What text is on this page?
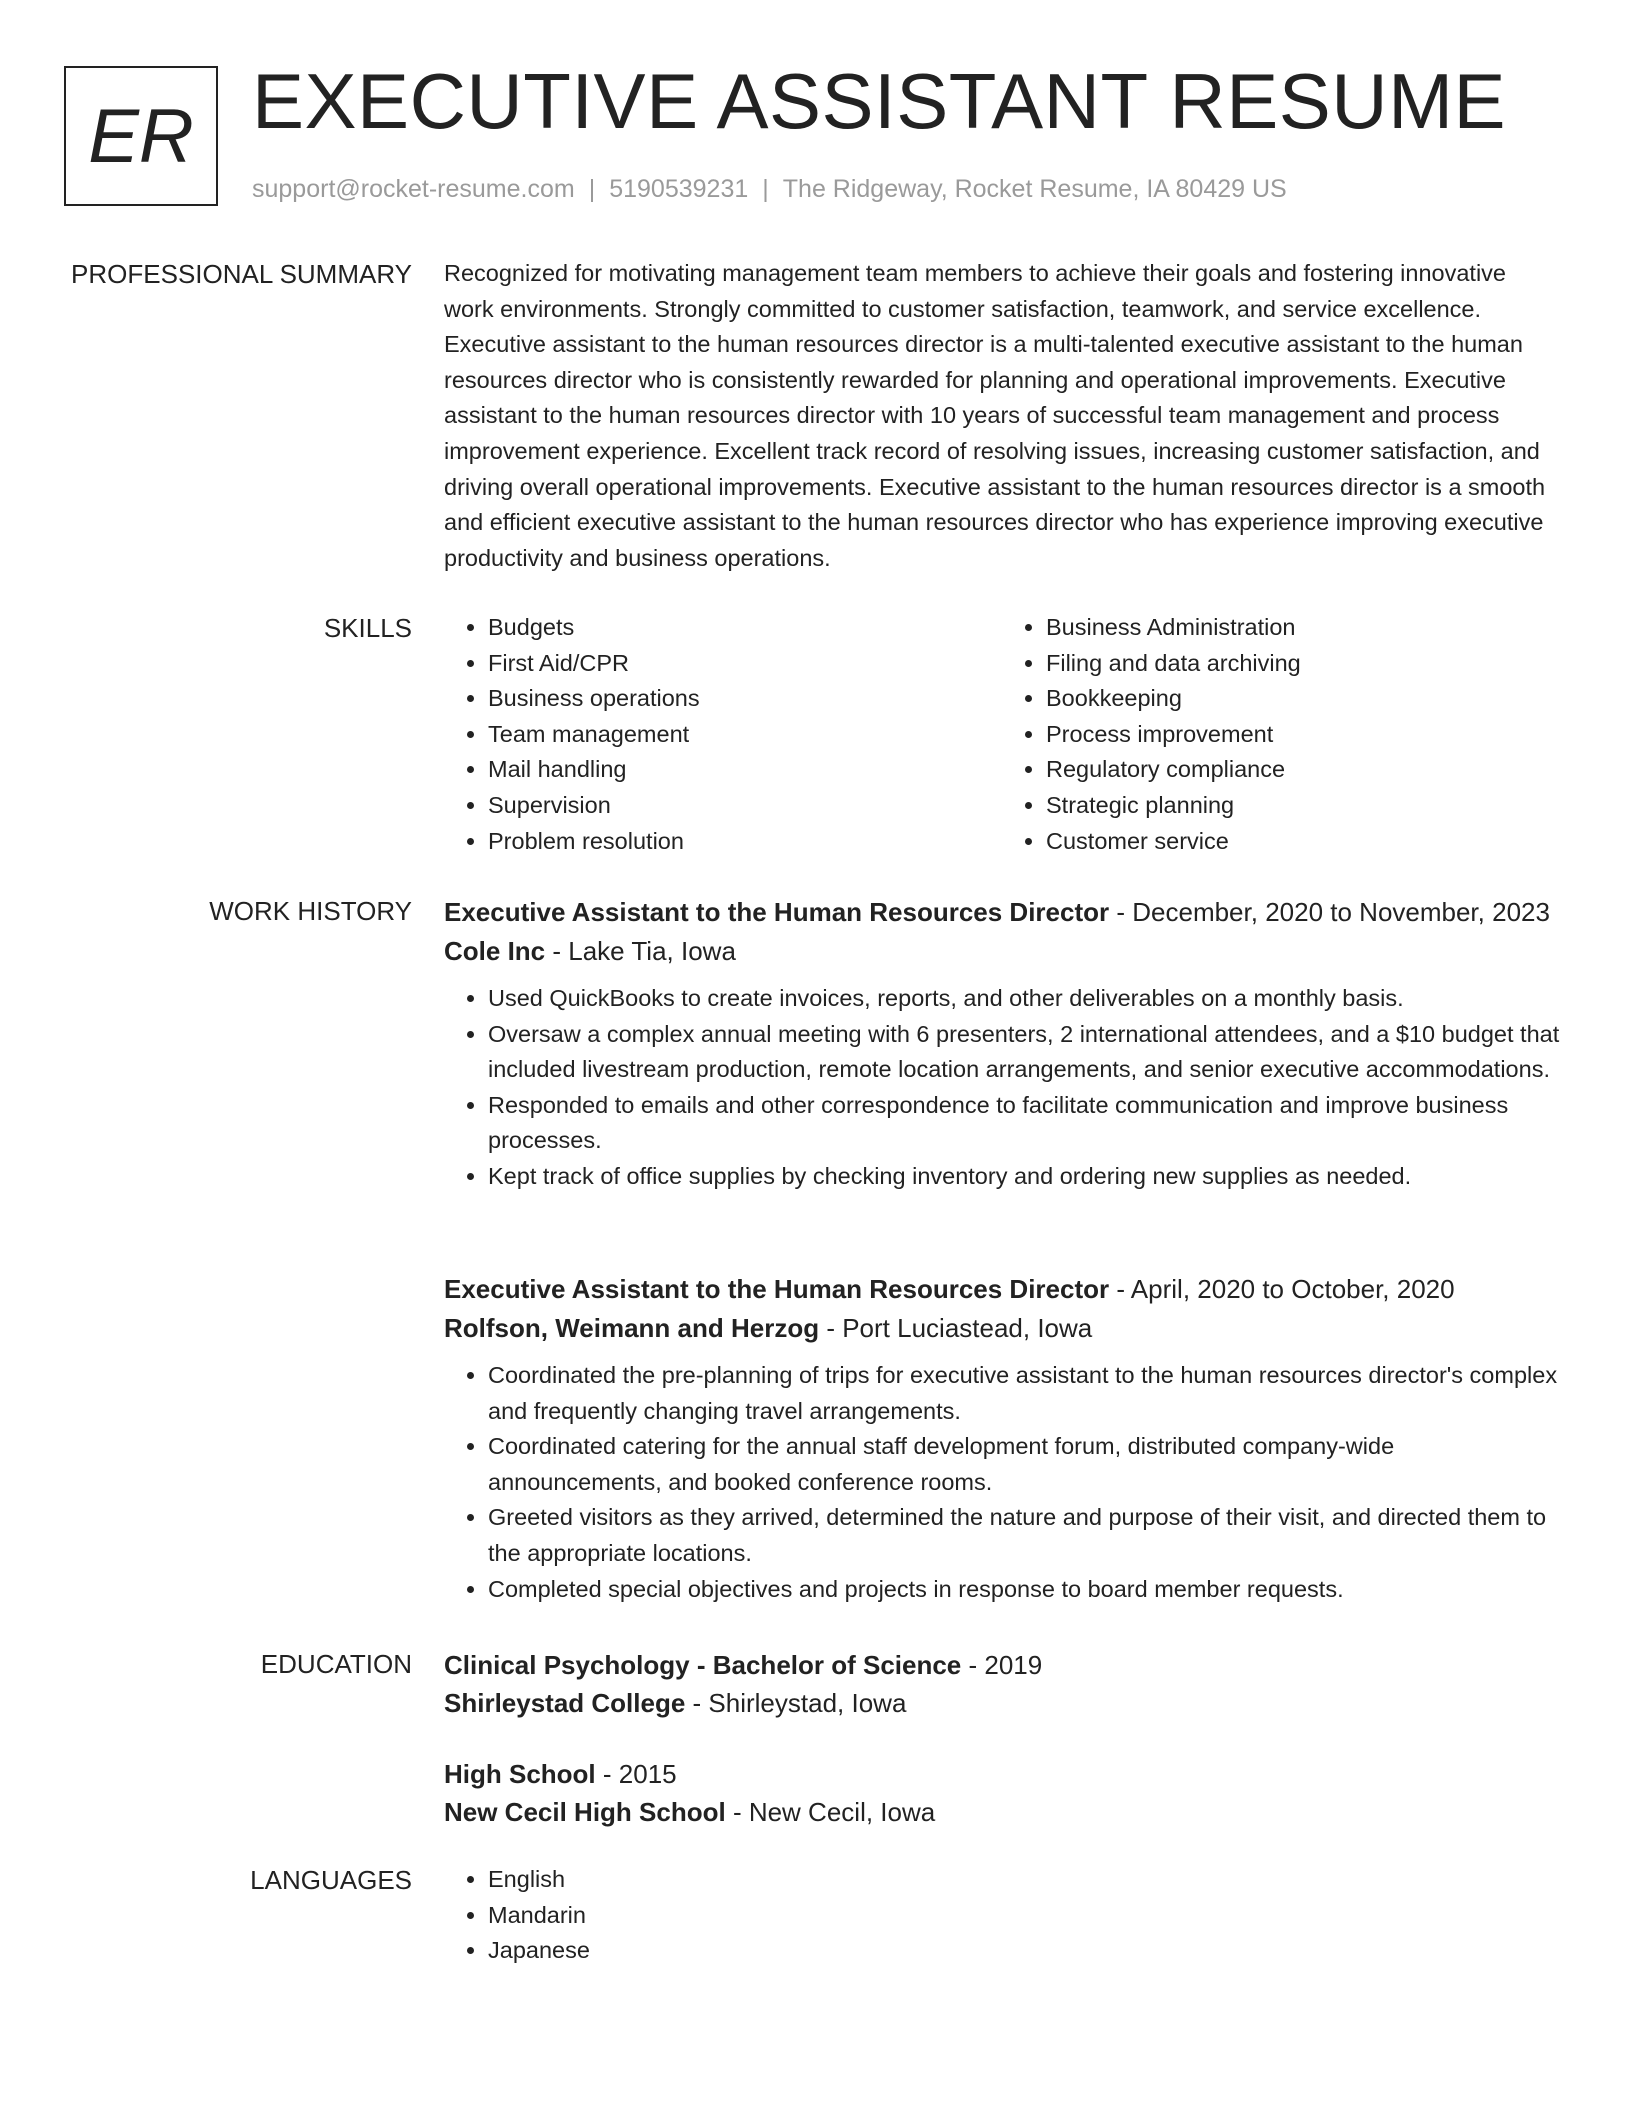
ER EXECUTIVE ASSISTANT RESUME
support@rocket-resume.com | 5190539231 | The Ridgeway, Rocket Resume, IA 80429 US
PROFESSIONAL SUMMARY Recognized for motivating management team members to achieve their goals and fostering innovative work environments. Strongly committed to customer satisfaction, teamwork, and service excellence. Executive assistant to the human resources director is a multi-talented executive assistant to the human resources director who is consistently rewarded for planning and operational improvements. Executive assistant to the human resources director with 10 years of successful team management and process improvement experience. Excellent track record of resolving issues, increasing customer satisfaction, and driving overall operational improvements. Executive assistant to the human resources director is a smooth and efficient executive assistant to the human resources director who has experience improving executive productivity and business operations.

SKILLS	• Budgets
• First Aid/CPR
• Business operations
• Team management
• Mail handling
• Supervision
• Problem resolution
• Business Administration
• Filing and data archiving
• Bookkeeping
• Process improvement
• Regulatory compliance
• Strategic planning
• Customer service
WORK HISTORY Executive Assistant to the Human Resources Director - December, 2020 to November, 2023
Cole Inc - Lake Tia, Iowa
• Used QuickBooks to create invoices, reports, and other deliverables on a monthly basis.
• Oversaw a complex annual meeting with 6 presenters, 2 international attendees, and a $10 budget that included livestream production, remote location arrangements, and senior executive accommodations.
• Responded to emails and other correspondence to facilitate communication and improve business processes.
• Kept track of office supplies by checking inventory and ordering new supplies as needed.
Executive Assistant to the Human Resources Director - April, 2020 to October, 2020
Rolfson, Weimann and Herzog - Port Luciastead, Iowa
• Coordinated the pre-planning of trips for executive assistant to the human resources director's complex and frequently changing travel arrangements.
• Coordinated catering for the annual staff development forum, distributed company-wide announcements, and booked conference rooms.
• Greeted visitors as they arrived, determined the nature and purpose of their visit, and directed them to the appropriate locations.
• Completed special objectives and projects in response to board member requests.
EDUCATION Clinical Psychology - Bachelor of Science - 2019
Shirleystad College - Shirleystad, Iowa
High School - 2015
New Cecil High School - New Cecil, Iowa
LANGUAGES	• English
• Mandarin
• Japanese
